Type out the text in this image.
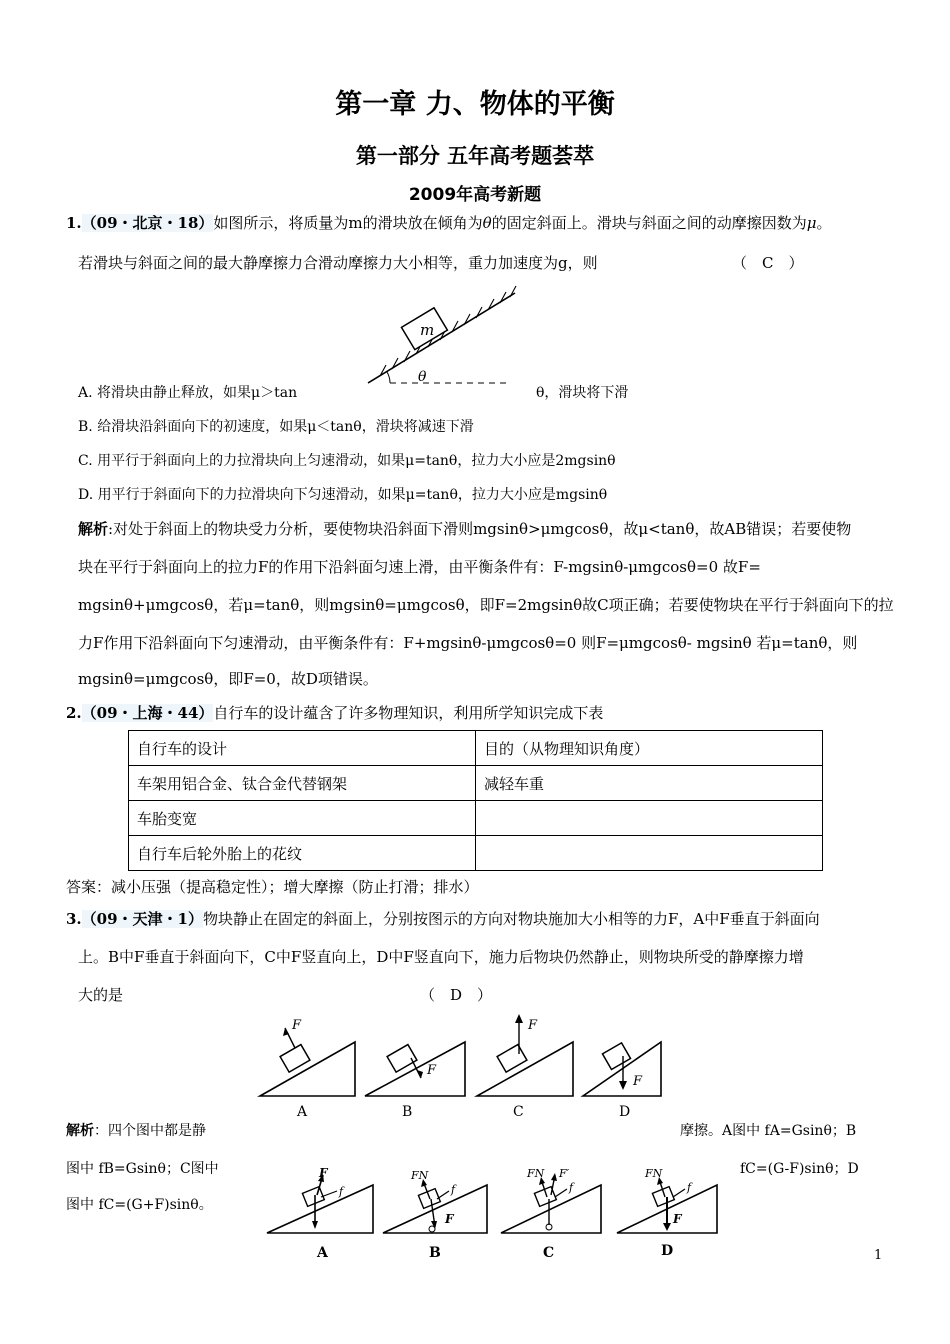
第一章 力、物体的平衡
第一部分 五年高考题荟萃
2009年高考新题
1.（09・北京・18）如图所示，将质量为m的滑块放在倾角为θ的固定斜面上。滑块与斜面之间的动摩擦因数为μ。
若滑块与斜面之间的最大静摩擦力合滑动摩擦力大小相等，重力加速度为g，则	（　C　）
m
θ
A. 将滑块由静止释放，如果μ＞tan	θ，滑块将下滑
B. 给滑块沿斜面向下的初速度，如果μ＜tanθ，滑块将减速下滑
C. 用平行于斜面向上的力拉滑块向上匀速滑动，如果μ=tanθ，拉力大小应是2mgsinθ
D. 用平行于斜面向下的力拉滑块向下匀速滑动，如果μ=tanθ，拉力大小应是mgsinθ
解析:对处于斜面上的物块受力分析，要使物块沿斜面下滑则mgsinθ>μmgcosθ，故μ<tanθ，故AB错误；若要使物
块在平行于斜面向上的拉力F的作用下沿斜面匀速上滑，由平衡条件有：F-mgsinθ-μmgcosθ=0 故F=
mgsinθ+μmgcosθ，若μ=tanθ，则mgsinθ=μmgcosθ，即F=2mgsinθ故C项正确；若要使物块在平行于斜面向下的拉
力F作用下沿斜面向下匀速滑动，由平衡条件有：F+mgsinθ-μmgcosθ=0 则F=μmgcosθ- mgsinθ 若μ=tanθ，则
mgsinθ=μmgcosθ，即F=0，故D项错误。
2.（09・上海・44）自行车的设计蕴含了许多物理知识，利用所学知识完成下表
自行车的设计	目的（从物理知识角度）
车架用铝合金、钛合金代替钢架	减轻车重
车胎变宽	
自行车后轮外胎上的花纹	
答案：减小压强（提高稳定性）；增大摩擦（防止打滑；排水）
3.（09・天津・1）物块静止在固定的斜面上，分别按图示的方向对物块施加大小相等的力F，A中F垂直于斜面向
上。B中F垂直于斜面向下，C中F竖直向上，D中F竖直向下，施力后物块仍然静止，则物块所受的静摩擦力增
大的是	（　D　）
F
A
F
B
F
C
F
D
解析：四个图中都是静	摩擦。A图中 fA=Gsinθ；B
图中 fB=Gsinθ；C图中	fC=(G-F)sinθ；D
图中 fC=(G+F)sinθ。
F
f
A
FN
f
F
B
FN F′
f
C
FN
f
F
D	1
